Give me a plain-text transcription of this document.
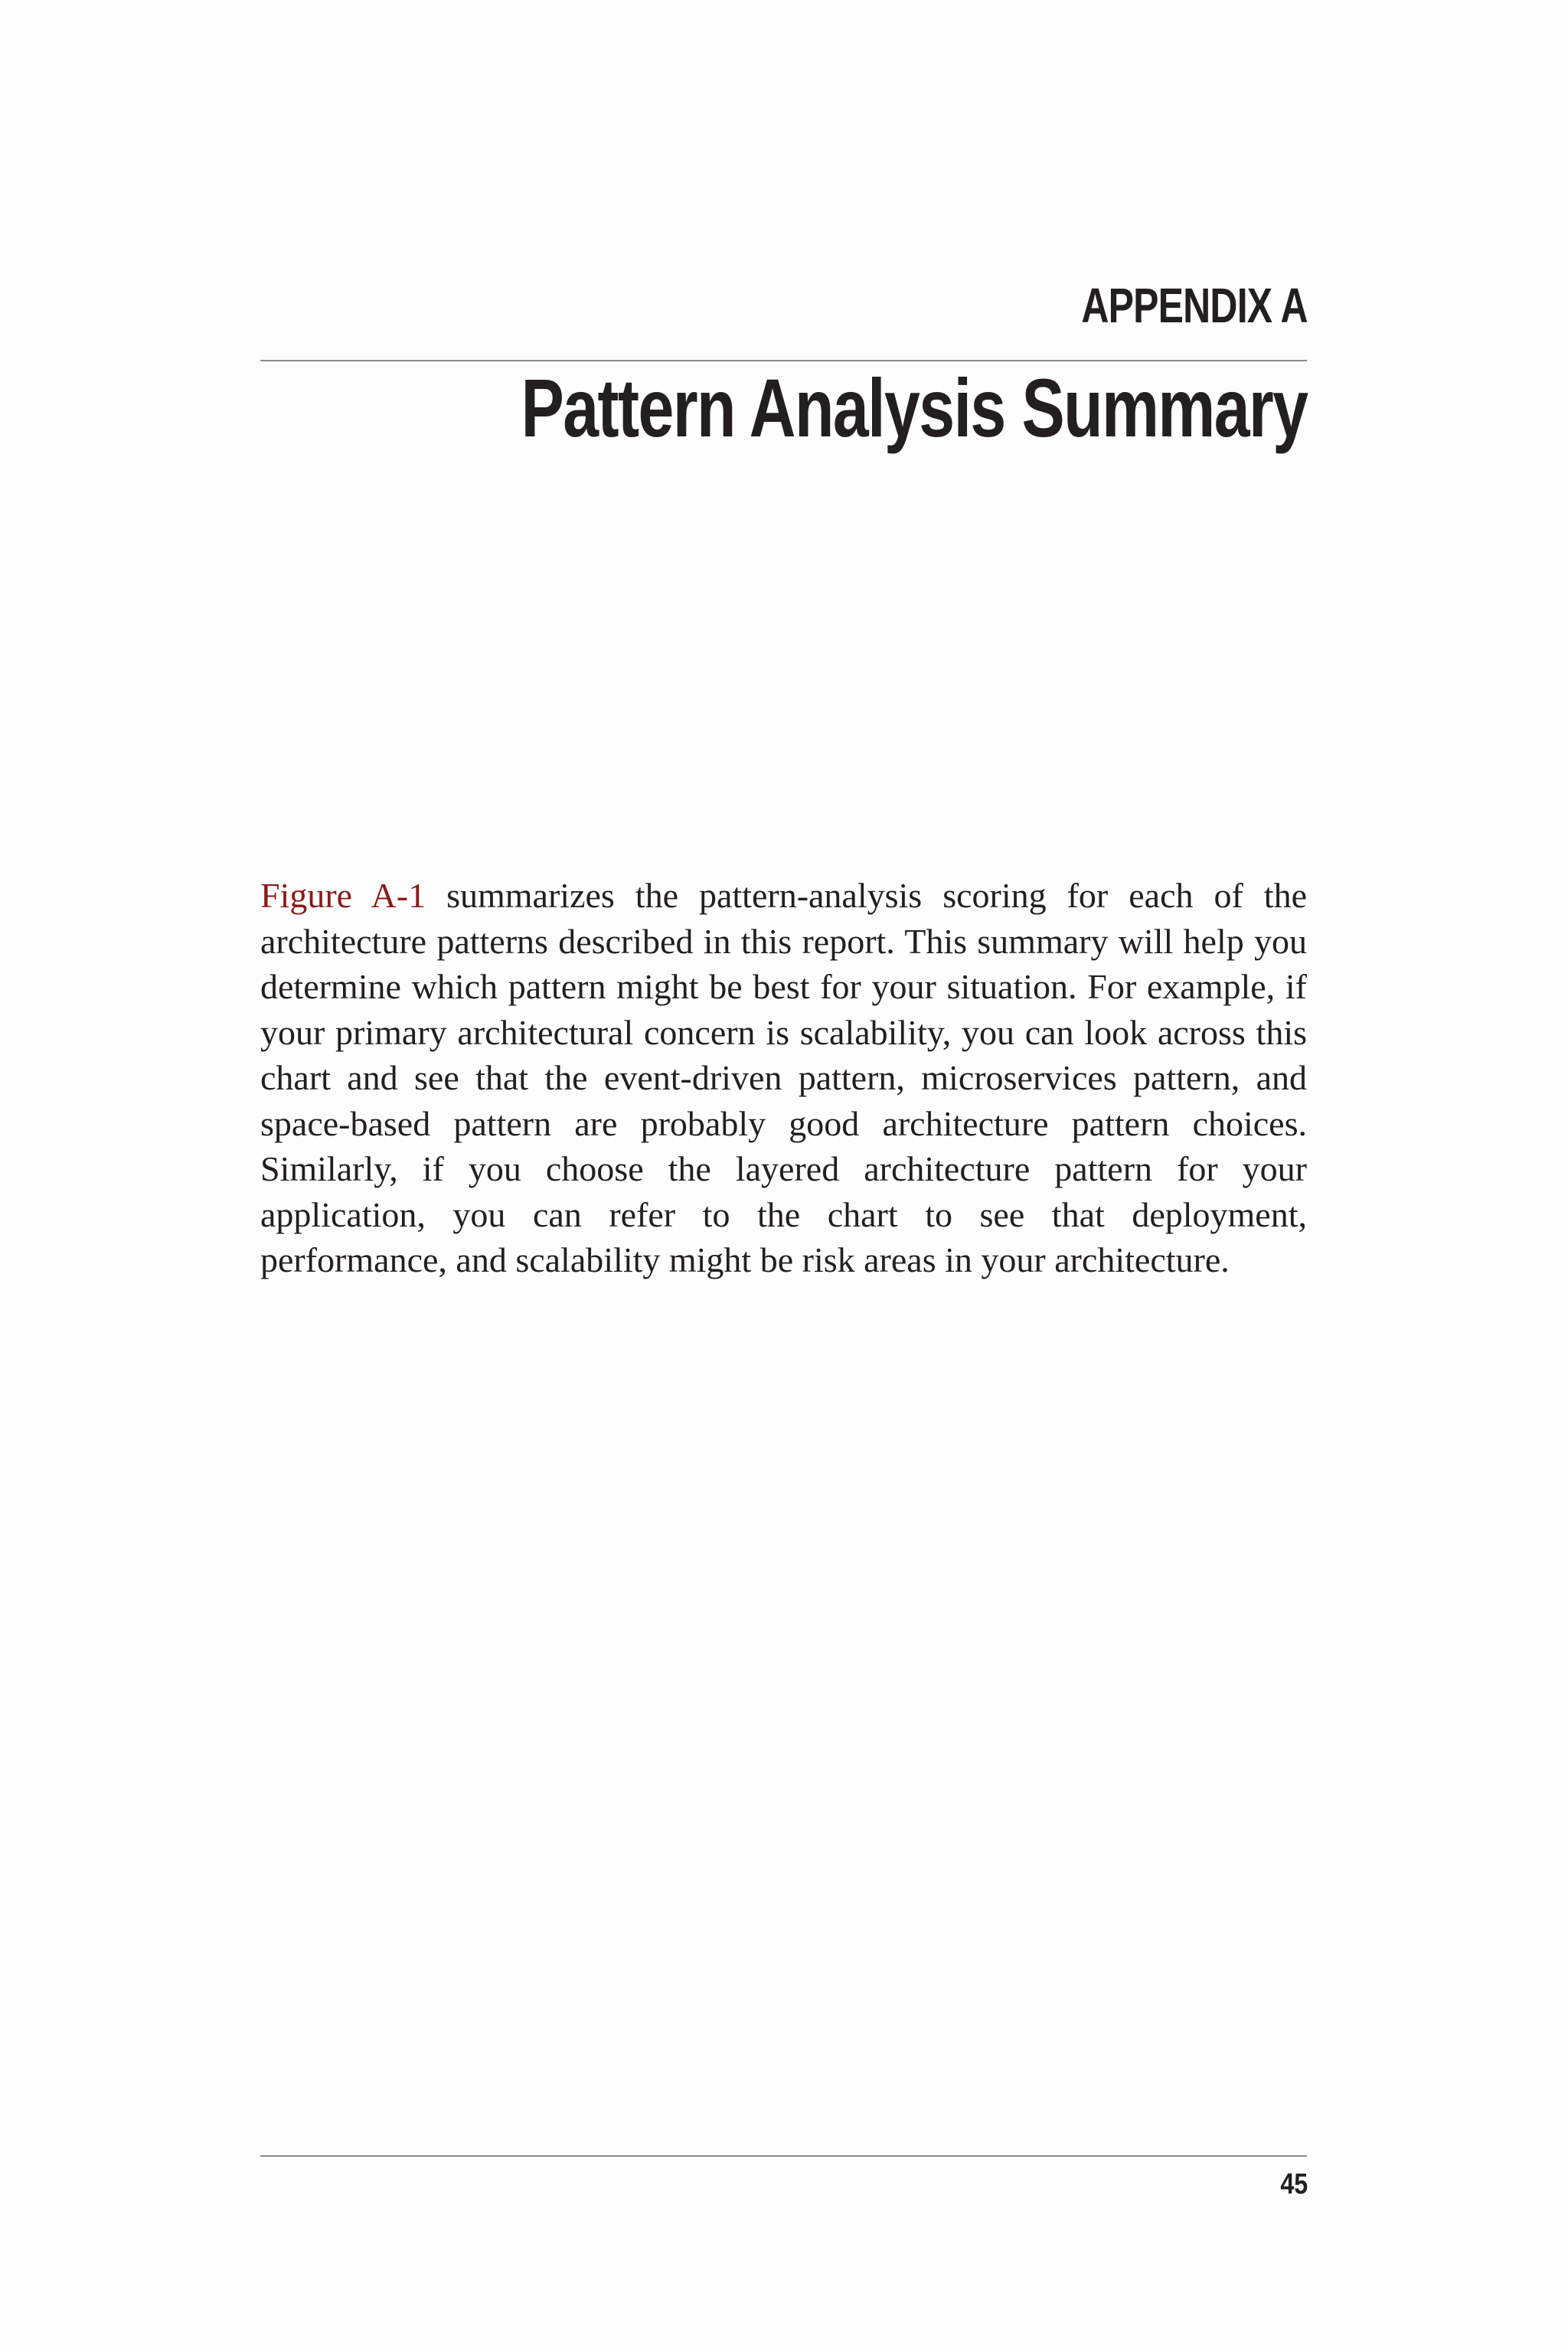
APPENDIX A
Pattern Analysis Summary

Figure A-1 summarizes the pattern-analysis scoring for each of the architecture patterns described in this report. This summary will help you determine which pattern might be best for your situation. For example, if your primary architectural concern is scalability, you can look across this chart and see that the event-driven pattern, microservices pattern, and space-based pattern are probably good architecture pattern choices. Similarly, if you choose the layered architecture pattern for your application, you can refer to the chart to see that deployment, performance, and scalability might be risk areas in your architecture.

45
